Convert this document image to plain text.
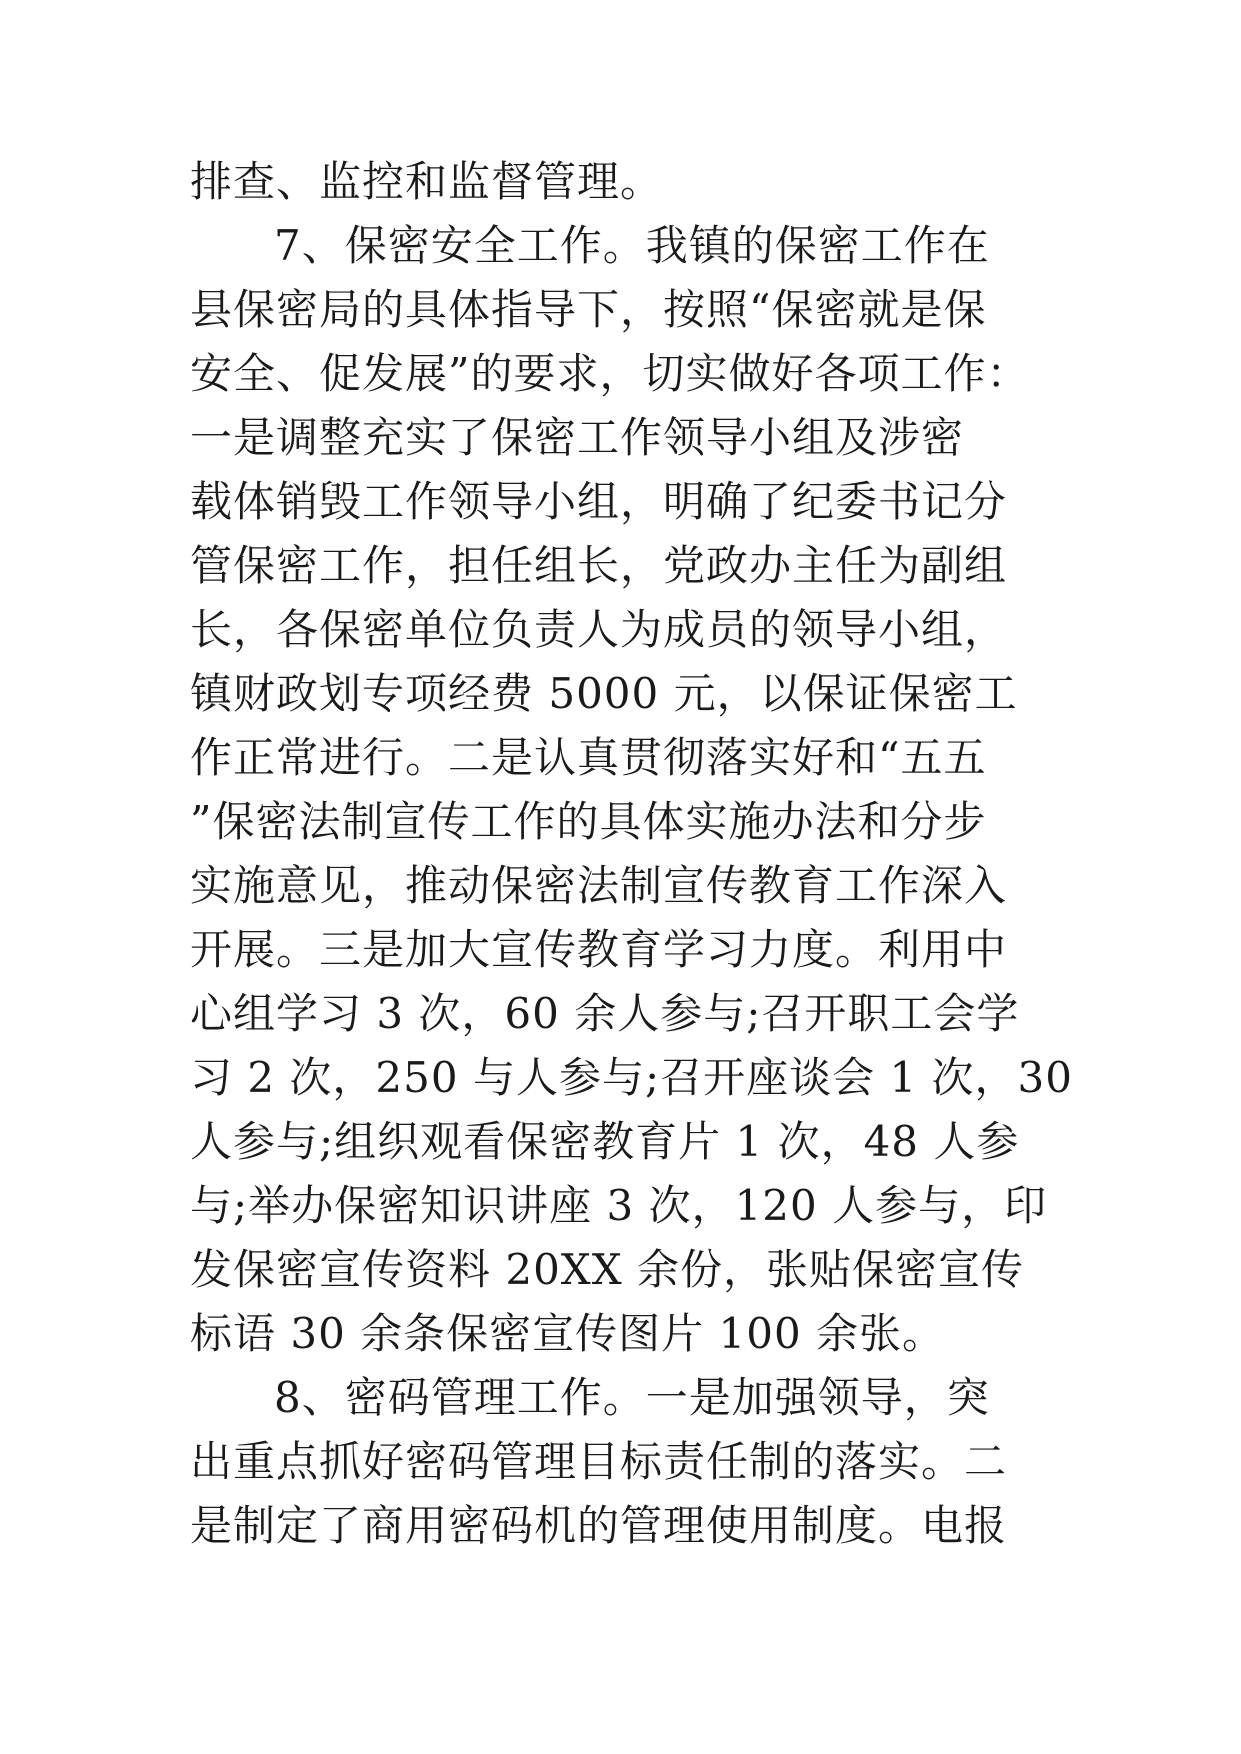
排查、监控和监督管理。
7、保密安全工作。我镇的保密工作在
县保密局的具体指导下，按照“保密就是保
安全、促发展”的要求，切实做好各项工作：
一是调整充实了保密工作领导小组及涉密
载体销毁工作领导小组，明确了纪委书记分
管保密工作，担任组长，党政办主任为副组
长，各保密单位负责人为成员的领导小组，
镇财政划专项经费 5000 元，以保证保密工
作正常进行。二是认真贯彻落实好和“五五
”保密法制宣传工作的具体实施办法和分步
实施意见，推动保密法制宣传教育工作深入
开展。三是加大宣传教育学习力度。利用中
心组学习 3 次，60 余人参与;召开职工会学
习 2 次，250 与人参与;召开座谈会 1 次，30
人参与;组织观看保密教育片 1 次，48 人参
与;举办保密知识讲座 3 次，120 人参与，印
发保密宣传资料 20XX 余份，张贴保密宣传
标语 30 余条保密宣传图片 100 余张。
8、密码管理工作。一是加强领导，突
出重点抓好密码管理目标责任制的落实。二
是制定了商用密码机的管理使用制度。电报
